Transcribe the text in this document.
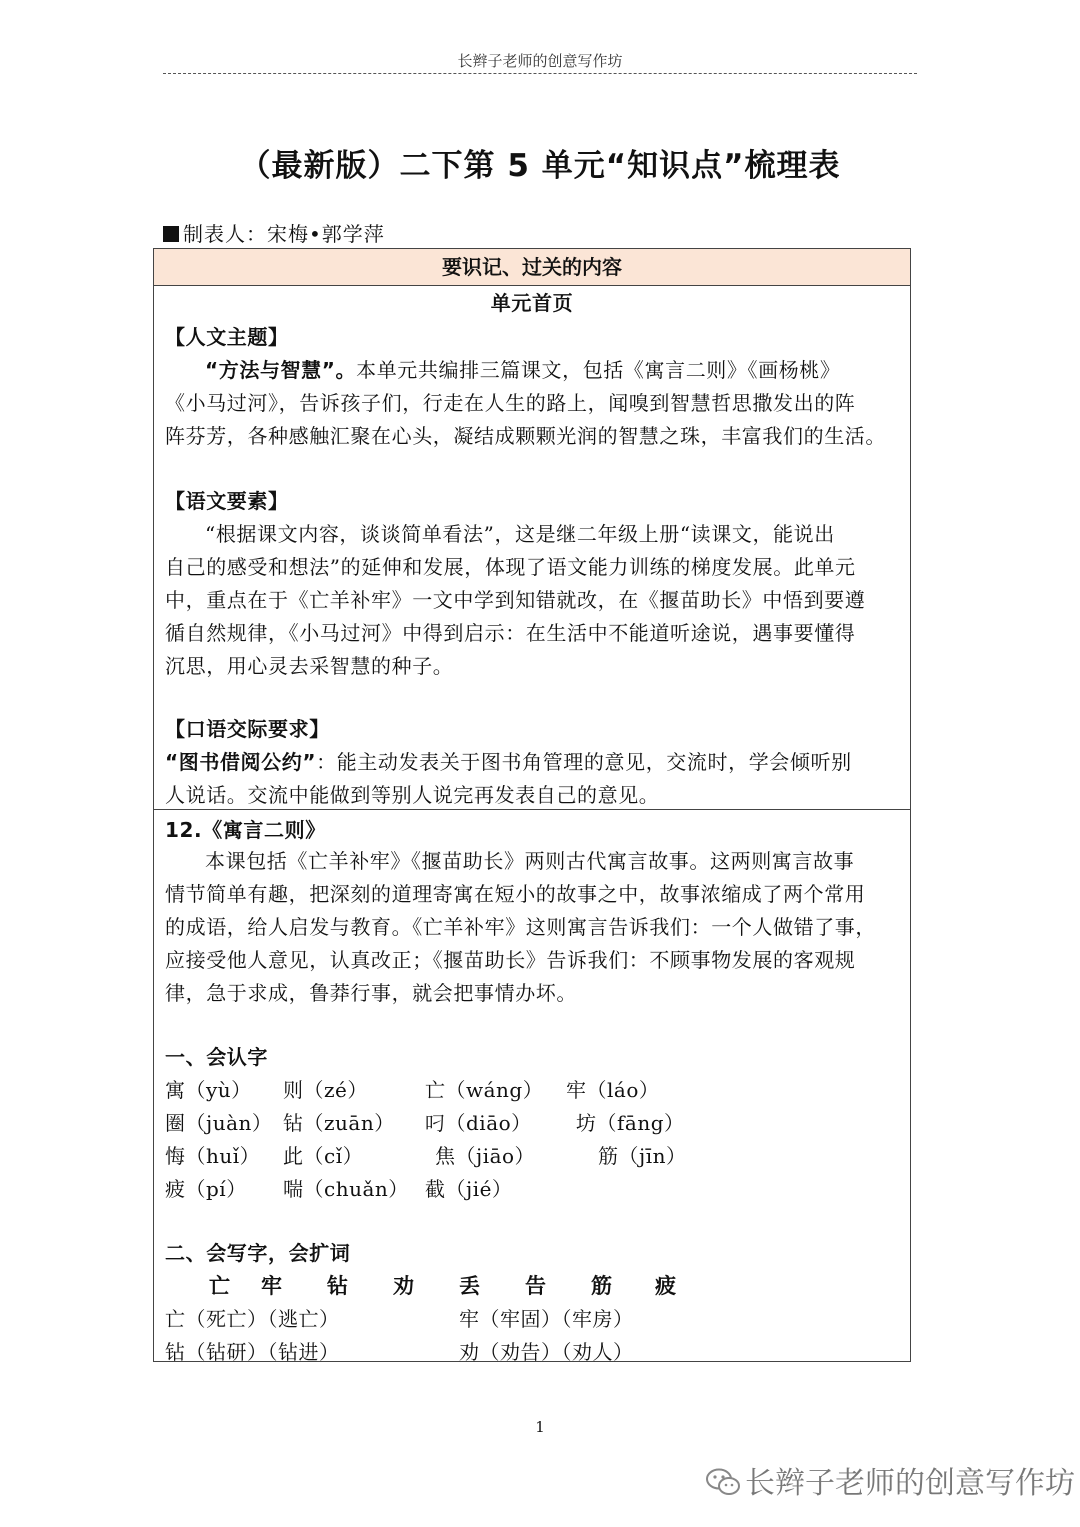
长辫子老师的创意写作坊
（最新版）二下第 5 单元“知识点”梳理表
制表人：宋梅•郭学萍
要识记、过关的内容
单元首页
【人文主题】
“方法与智慧”。本单元共编排三篇课文，包括《寓言二则》《画杨桃》
《小马过河》，告诉孩子们，行走在人生的路上，闻嗅到智慧哲思撒发出的阵
阵芬芳，各种感触汇聚在心头，凝结成颗颗光润的智慧之珠，丰富我们的生活。
【语文要素】
“根据课文内容，谈谈简单看法”，这是继二年级上册“读课文，能说出
自己的感受和想法”的延伸和发展，体现了语文能力训练的梯度发展。此单元
中，重点在于《亡羊补牢》一文中学到知错就改，在《揠苗助长》中悟到要遵
循自然规律，《小马过河》中得到启示：在生活中不能道听途说，遇事要懂得
沉思，用心灵去采智慧的种子。
【口语交际要求】
“图书借阅公约”：能主动发表关于图书角管理的意见，交流时，学会倾听别
人说话。交流中能做到等别人说完再发表自己的意见。
12.《寓言二则》
本课包括《亡羊补牢》《揠苗助长》两则古代寓言故事。这两则寓言故事
情节简单有趣，把深刻的道理寄寓在短小的故事之中，故事浓缩成了两个常用
的成语，给人启发与教育。《亡羊补牢》这则寓言告诉我们：一个人做错了事，
应接受他人意见，认真改正；《揠苗助长》告诉我们：不顾事物发展的客观规
律，急于求成，鲁莽行事，就会把事情办坏。
一、会认字
寓（yù） 则（zé）	亡（wáng） 牢（láo）
圈（juàn） 钻（zuān） 叼（diāo） 坊（fāng）
悔（huǐ） 此（cǐ）	焦（jiāo）	筋（jīn）
疲（pí） 喘（chuǎn） 截（jié）
二、会写字，会扩词
亡 牢 钻 劝 丢 告 筋 疲
亡（死亡）（逃亡）	牢（牢固）（牢房）
钻（钻研）（钻进）	劝（劝告）（劝人）
1
长辫子老师的创意写作坊
